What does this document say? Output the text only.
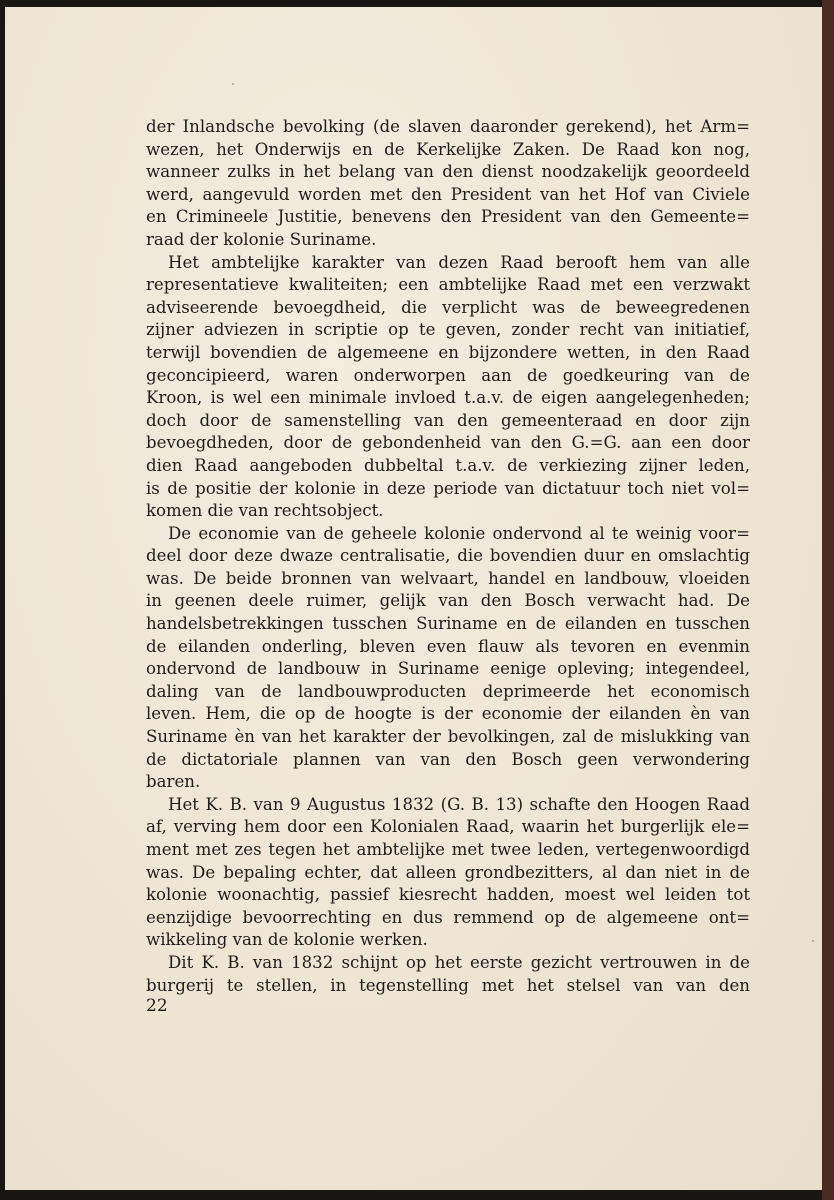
der Inlandsche bevolking (de slaven daaronder gerekend), het Arm=
wezen, het Onderwijs en de Kerkelijke Zaken. De Raad kon nog,
wanneer zulks in het belang van den dienst noodzakelijk geoordeeld
werd, aangevuld worden met den President van het Hof van Civiele
en Crimineele Justitie, benevens den President van den Gemeente=
raad der kolonie Suriname.

Het ambtelijke karakter van dezen Raad berooft hem van alle
representatieve kwaliteiten; een ambtelijke Raad met een verzwakt
adviseerende bevoegdheid, die verplicht was de beweegredenen
zijner adviezen in scriptie op te geven, zonder recht van initiatief,
terwijl bovendien de algemeene en bijzondere wetten, in den Raad
geconcipieerd, waren onderworpen aan de goedkeuring van de
Kroon, is wel een minimale invloed t.a.v. de eigen aangelegenheden;
doch door de samenstelling van den gemeenteraad en door zijn
bevoegdheden, door de gebondenheid van den G.=G. aan een door
dien Raad aangeboden dubbeltal t.a.v. de verkiezing zijner leden,
is de positie der kolonie in deze periode van dictatuur toch niet vol=
komen die van rechtsobject.

De economie van de geheele kolonie ondervond al te weinig voor=
deel door deze dwaze centralisatie, die bovendien duur en omslachtig
was. De beide bronnen van welvaart, handel en landbouw, vloeiden
in geenen deele ruimer, gelijk van den Bosch verwacht had. De
handelsbetrekkingen tusschen Suriname en de eilanden en tusschen
de eilanden onderling, bleven even flauw als tevoren en evenmin
ondervond de landbouw in Suriname eenige opleving; integendeel,
daling van de landbouwproducten deprimeerde het economisch
leven. Hem, die op de hoogte is der economie der eilanden èn van
Suriname èn van het karakter der bevolkingen, zal de mislukking van
de dictatoriale plannen van van den Bosch geen verwondering
baren.

Het K. B. van 9 Augustus 1832 (G. B. 13) schafte den Hoogen Raad
af, verving hem door een Kolonialen Raad, waarin het burgerlijk ele=
ment met zes tegen het ambtelijke met twee leden, vertegenwoordigd
was. De bepaling echter, dat alleen grondbezitters, al dan niet in de
kolonie woonachtig, passief kiesrecht hadden, moest wel leiden tot
eenzijdige bevoorrechting en dus remmend op de algemeene ont=
wikkeling van de kolonie werken.

Dit K. B. van 1832 schijnt op het eerste gezicht vertrouwen in de
burgerij te stellen, in tegenstelling met het stelsel van van den

22
